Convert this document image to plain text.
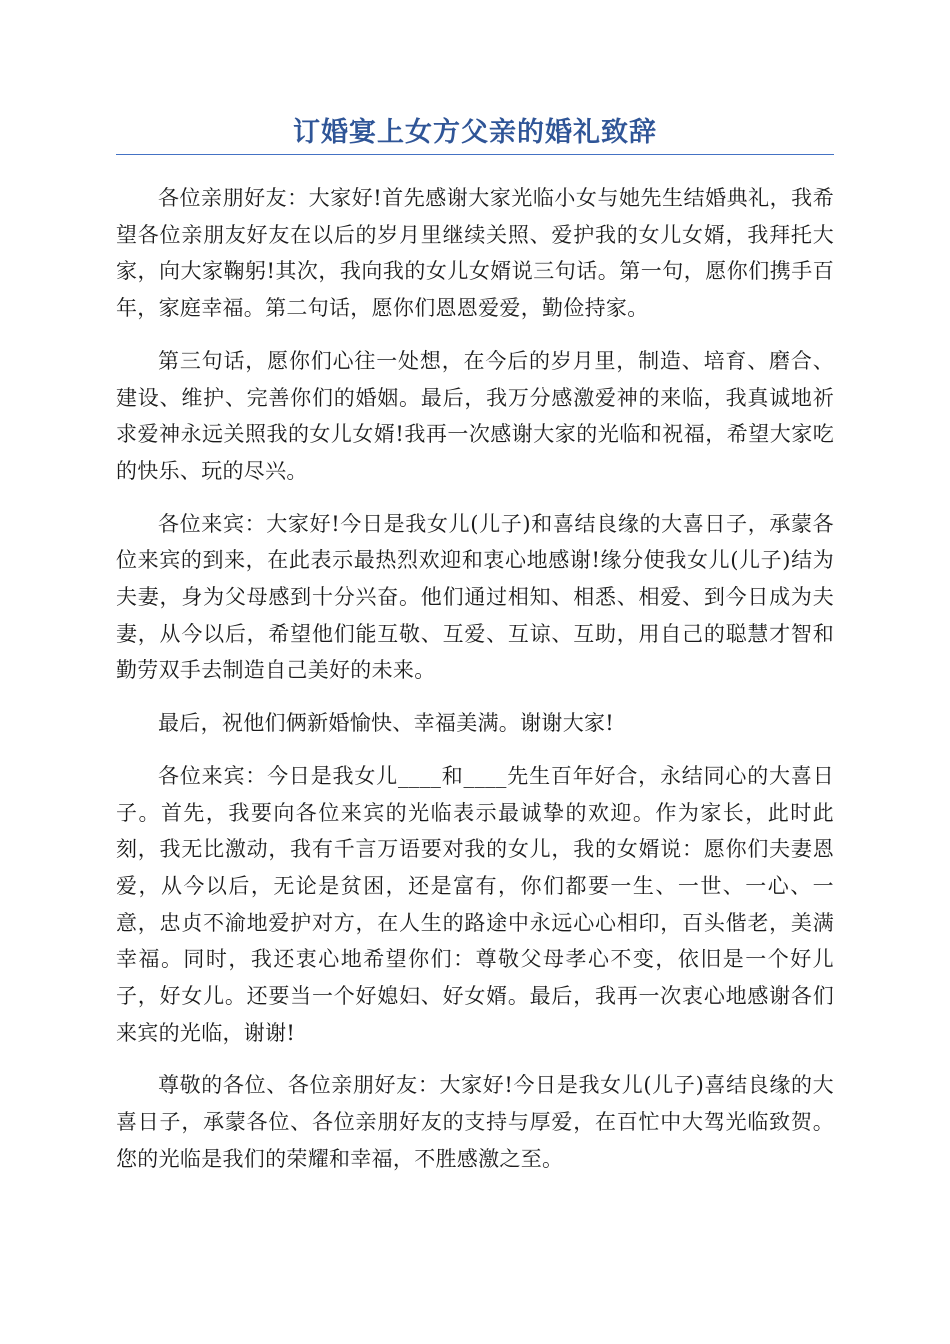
订婚宴上女方父亲的婚礼致辞

各位亲朋好友：大家好!首先感谢大家光临小女与她先生结婚典礼，我希望各位亲朋友好友在以后的岁月里继续关照、爱护我的女儿女婿，我拜托大家，向大家鞠躬!其次，我向我的女儿女婿说三句话。第一句，愿你们携手百年，家庭幸福。第二句话，愿你们恩恩爱爱，勤俭持家。

第三句话，愿你们心往一处想，在今后的岁月里，制造、培育、磨合、建设、维护、完善你们的婚姻。最后，我万分感激爱神的来临，我真诚地祈求爱神永远关照我的女儿女婿!我再一次感谢大家的光临和祝福，希望大家吃的快乐、玩的尽兴。

各位来宾：大家好!今日是我女儿(儿子)和喜结良缘的大喜日子，承蒙各位来宾的到来，在此表示最热烈欢迎和衷心地感谢!缘分使我女儿(儿子)结为夫妻，身为父母感到十分兴奋。他们通过相知、相悉、相爱、到今日成为夫妻，从今以后，希望他们能互敬、互爱、互谅、互助，用自己的聪慧才智和勤劳双手去制造自己美好的未来。

最后，祝他们俩新婚愉快、幸福美满。谢谢大家!

各位来宾：今日是我女儿____和____先生百年好合，永结同心的大喜日子。首先，我要向各位来宾的光临表示最诚挚的欢迎。作为家长，此时此刻，我无比激动，我有千言万语要对我的女儿，我的女婿说：愿你们夫妻恩爱，从今以后，无论是贫困，还是富有，你们都要一生、一世、一心、一意，忠贞不渝地爱护对方，在人生的路途中永远心心相印，百头偕老，美满幸福。同时，我还衷心地希望你们：尊敬父母孝心不变，依旧是一个好儿子，好女儿。还要当一个好媳妇、好女婿。最后，我再一次衷心地感谢各们来宾的光临，谢谢!

尊敬的各位、各位亲朋好友：大家好!今日是我女儿(儿子)喜结良缘的大喜日子，承蒙各位、各位亲朋好友的支持与厚爱，在百忙中大驾光临致贺。您的光临是我们的荣耀和幸福，不胜感激之至。
